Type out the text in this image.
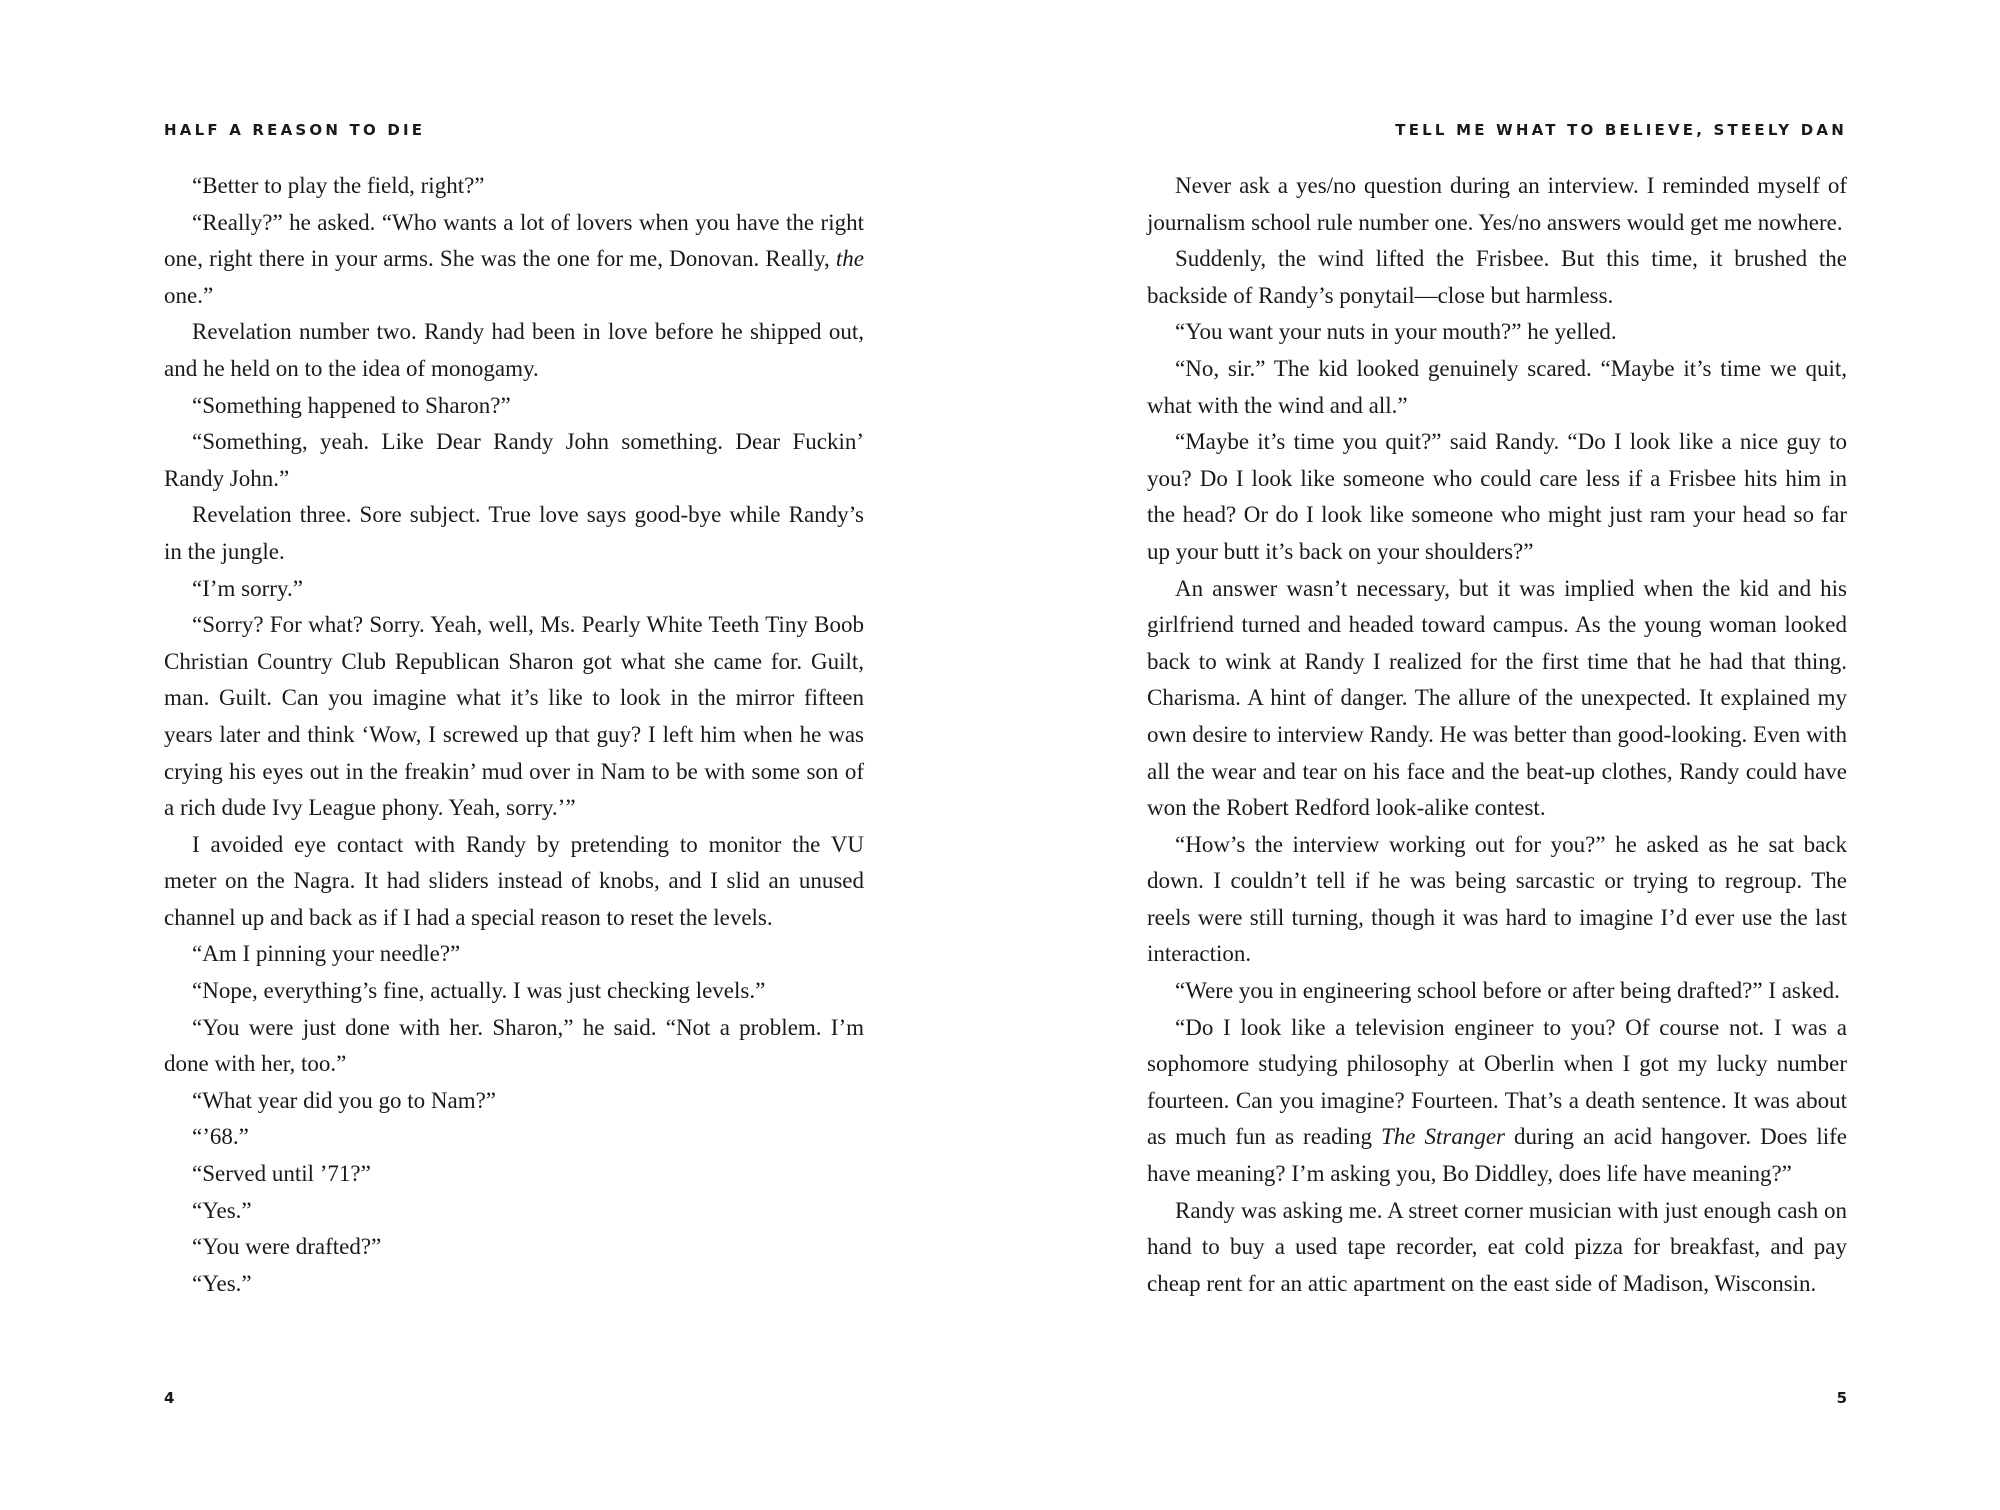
HALF A REASON TO DIE

“Better to play the field, right?”

“Really?” he asked. “Who wants a lot of lovers when you have the right one, right there in your arms. She was the one for me, Donovan. Really, the one.”

Revelation number two. Randy had been in love before he shipped out, and he held on to the idea of monogamy.

“Something happened to Sharon?”

“Something, yeah. Like Dear Randy John something. Dear Fuckin’ Randy John.”

Revelation three. Sore subject. True love says good-bye while Randy’s in the jungle.

“I’m sorry.”

“Sorry? For what? Sorry. Yeah, well, Ms. Pearly White Teeth Tiny Boob Christian Country Club Republican Sharon got what she came for. Guilt, man. Guilt. Can you imagine what it’s like to look in the mirror fifteen years later and think ‘Wow, I screwed up that guy? I left him when he was crying his eyes out in the freakin’ mud over in Nam to be with some son of a rich dude Ivy League phony. Yeah, sorry.’”

I avoided eye contact with Randy by pretending to monitor the VU meter on the Nagra. It had sliders instead of knobs, and I slid an unused channel up and back as if I had a special reason to reset the levels.

“Am I pinning your needle?”

“Nope, everything’s fine, actually. I was just checking levels.”

“You were just done with her. Sharon,” he said. “Not a problem. I’m done with her, too.”

“What year did you go to Nam?”

“’68.”

“Served until ’71?”

“Yes.”

“You were drafted?”

“Yes.”

4
TELL ME WHAT TO BELIEVE, STEELY DAN

Never ask a yes/no question during an interview. I reminded myself of journalism school rule number one. Yes/no answers would get me nowhere.

Suddenly, the wind lifted the Frisbee. But this time, it brushed the backside of Randy’s ponytail—close but harmless.

“You want your nuts in your mouth?” he yelled.

“No, sir.” The kid looked genuinely scared. “Maybe it’s time we quit, what with the wind and all.”

“Maybe it’s time you quit?” said Randy. “Do I look like a nice guy to you? Do I look like someone who could care less if a Frisbee hits him in the head? Or do I look like someone who might just ram your head so far up your butt it’s back on your shoulders?”

An answer wasn’t necessary, but it was implied when the kid and his girlfriend turned and headed toward campus. As the young woman looked back to wink at Randy I realized for the first time that he had that thing. Charisma. A hint of danger. The allure of the unexpected. It explained my own desire to interview Randy. He was better than good-looking. Even with all the wear and tear on his face and the beat-up clothes, Randy could have won the Robert Redford look-alike contest.

“How’s the interview working out for you?” he asked as he sat back down. I couldn’t tell if he was being sarcastic or trying to regroup. The reels were still turning, though it was hard to imagine I’d ever use the last interaction.

“Were you in engineering school before or after being drafted?” I asked.

“Do I look like a television engineer to you? Of course not. I was a sophomore studying philosophy at Oberlin when I got my lucky number fourteen. Can you imagine? Fourteen. That’s a death sentence. It was about as much fun as reading The Stranger during an acid hangover. Does life have meaning? I’m asking you, Bo Diddley, does life have meaning?”

Randy was asking me. A street corner musician with just enough cash on hand to buy a used tape recorder, eat cold pizza for breakfast, and pay cheap rent for an attic apartment on the east side of Madison, Wisconsin.

5
